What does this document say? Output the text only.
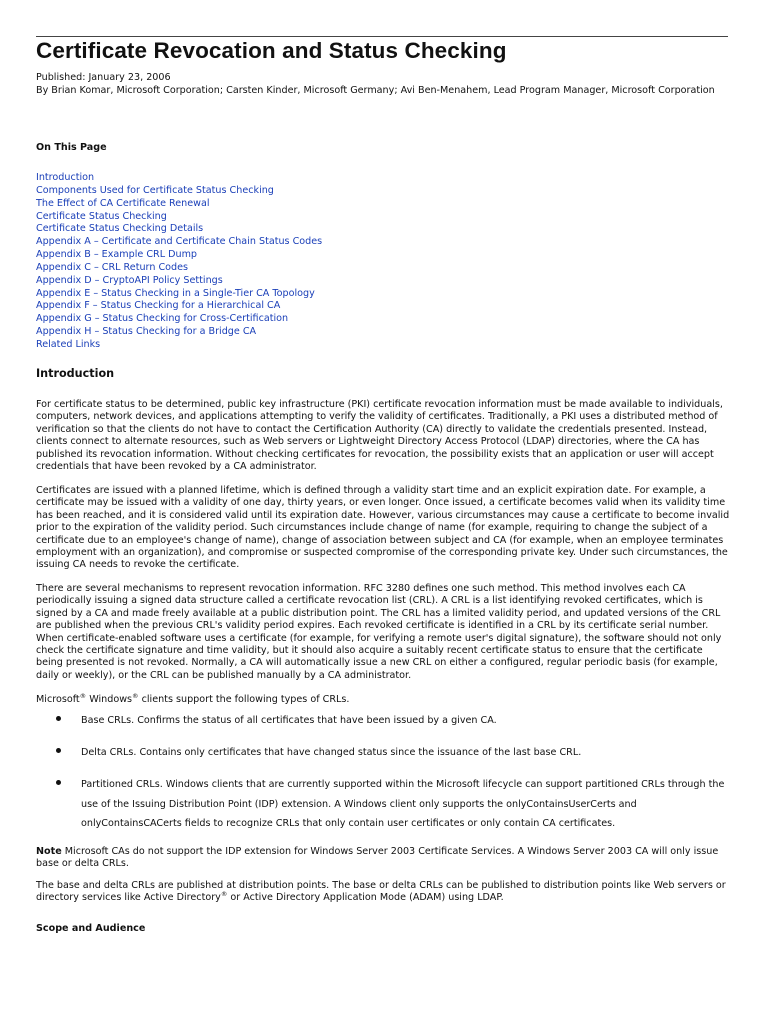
Certificate Revocation and Status Checking
Published: January 23, 2006
By Brian Komar, Microsoft Corporation; Carsten Kinder, Microsoft Germany; Avi Ben-Menahem, Lead Program Manager, Microsoft Corporation
On This Page
Introduction
Components Used for Certificate Status Checking
The Effect of CA Certificate Renewal
Certificate Status Checking
Certificate Status Checking Details
Appendix A – Certificate and Certificate Chain Status Codes
Appendix B – Example CRL Dump
Appendix C – CRL Return Codes
Appendix D – CryptoAPI Policy Settings
Appendix E – Status Checking in a Single-Tier CA Topology
Appendix F – Status Checking for a Hierarchical CA
Appendix G – Status Checking for Cross-Certification
Appendix H – Status Checking for a Bridge CA
Related Links
Introduction

For certificate status to be determined, public key infrastructure (PKI) certificate revocation information must be made available to individuals, computers, network devices, and applications attempting to verify the validity of certificates. Traditionally, a PKI uses a distributed method of verification so that the clients do not have to contact the Certification Authority (CA) directly to validate the credentials presented. Instead, clients connect to alternate resources, such as Web servers or Lightweight Directory Access Protocol (LDAP) directories, where the CA has published its revocation information. Without checking certificates for revocation, the possibility exists that an application or user will accept credentials that have been revoked by a CA administrator.

Certificates are issued with a planned lifetime, which is defined through a validity start time and an explicit expiration date. For example, a certificate may be issued with a validity of one day, thirty years, or even longer. Once issued, a certificate becomes valid when its validity time has been reached, and it is considered valid until its expiration date. However, various circumstances may cause a certificate to become invalid prior to the expiration of the validity period. Such circumstances include change of name (for example, requiring to change the subject of a certificate due to an employee's change of name), change of association between subject and CA (for example, when an employee terminates employment with an organization), and compromise or suspected compromise of the corresponding private key. Under such circumstances, the issuing CA needs to revoke the certificate.

There are several mechanisms to represent revocation information. RFC 3280 defines one such method. This method involves each CA periodically issuing a signed data structure called a certificate revocation list (CRL). A CRL is a list identifying revoked certificates, which is signed by a CA and made freely available at a public distribution point. The CRL has a limited validity period, and updated versions of the CRL are published when the previous CRL's validity period expires. Each revoked certificate is identified in a CRL by its certificate serial number. When certificate-enabled software uses a certificate (for example, for verifying a remote user's digital signature), the software should not only check the certificate signature and time validity, but it should also acquire a suitably recent certificate status to ensure that the certificate being presented is not revoked. Normally, a CA will automatically issue a new CRL on either a configured, regular periodic basis (for example, daily or weekly), or the CRL can be published manually by a CA administrator.

Microsoft® Windows® clients support the following types of CRLs.

Base CRLs. Confirms the status of all certificates that have been issued by a given CA.
Delta CRLs. Contains only certificates that have changed status since the issuance of the last base CRL.
Partitioned CRLs. Windows clients that are currently supported within the Microsoft lifecycle can support partitioned CRLs through the use of the Issuing Distribution Point (IDP) extension. A Windows client only supports the onlyContainsUserCerts and onlyContainsCACerts fields to recognize CRLs that only contain user certificates or only contain CA certificates.

Note Microsoft CAs do not support the IDP extension for Windows Server 2003 Certificate Services. A Windows Server 2003 CA will only issue base or delta CRLs.

The base and delta CRLs are published at distribution points. The base or delta CRLs can be published to distribution points like Web servers or directory services like Active Directory® or Active Directory Application Mode (ADAM) using LDAP.

Scope and Audience
